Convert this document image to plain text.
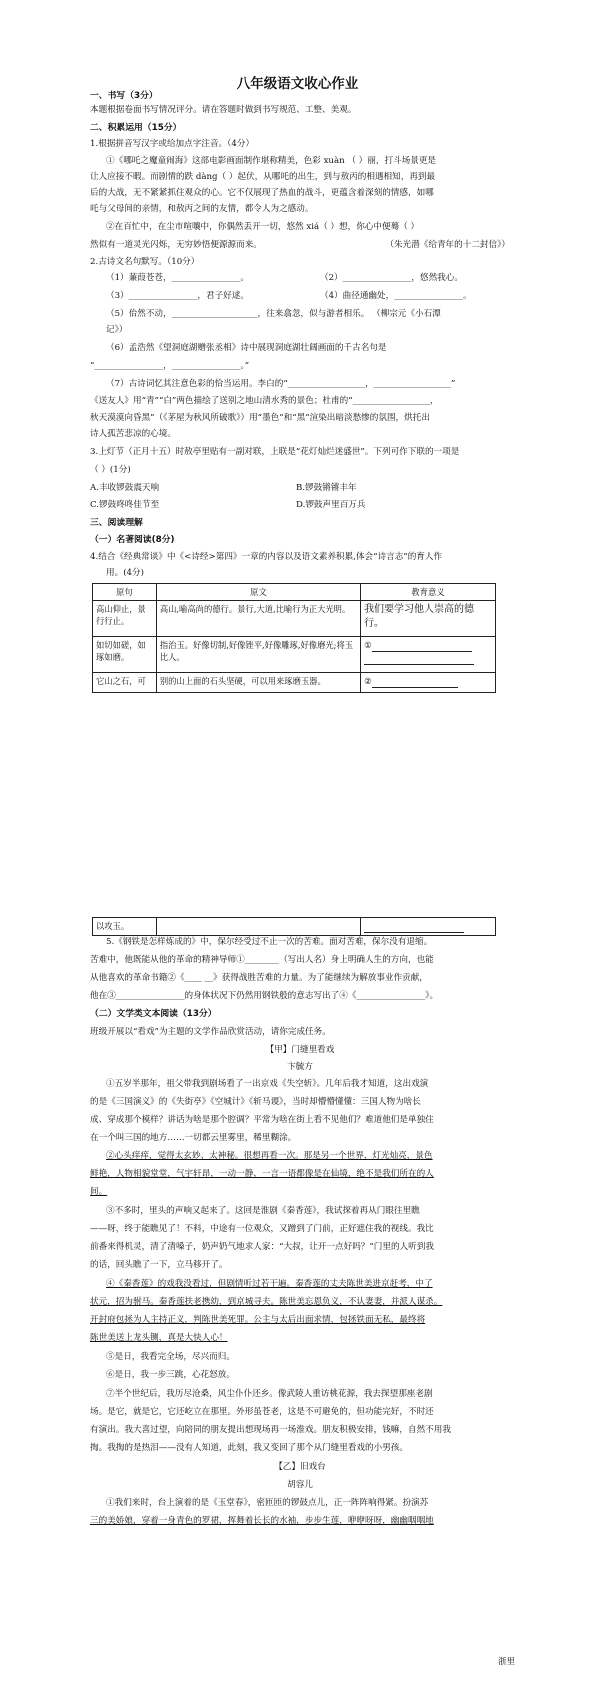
八年级语文收心作业
一、书写（3分）
本题根据卷面书写情况评分。请在答题时做到书写规范、工整、美观。
二、积累运用（15分）
1.根据拼音写汉字或给加点字注音。（4分）
①《哪吒之魔童闹海》这部电影画面制作堪称精美，色彩 xuàn （ ）丽，打斗场景更是
让人应接不暇。而剧情的跌 dàng（ ）起伏，从哪吒的出生，到与敖丙的相遇相知，再到最
后的大战，无不紧紧抓住观众的心。它不仅展现了热血的战斗，更蕴含着深刻的情感，如哪
吒与父母间的亲情，和敖丙之间的友情，都令人为之感动。
②在百忙中，在尘市喧嚷中，你偶然丢开一切，悠然 xiá（ ）想，你心中便蓦（ ）
然似有一道灵光闪烁，无穷妙悟便源源而来。	（朱光潜《给青年的十二封信》）
2.古诗文名句默写。（10分）
（1）蒹葭苍苍，________________。	（2）________________，悠然我心。
（3）________________，君子好逑。	（4）曲径通幽处，________________。
（5）佁然不动，____________________，往来翕忽，似与游者相乐。 （柳宗元《小石潭
记》）
（6）孟浩然《望洞庭湖赠张丞相》诗中展现洞庭湖壮阔画面的千古名句是
“________________，________________。”
（7）古诗词忆其注意色彩的恰当运用。李白的“__________________，__________________”
《送友人》用“青”“白”两色描绘了送别之地山清水秀的景色；杜甫的“__________________，
秋天漠漠向昏黑”（《茅屋为秋风所破歌》）用“墨色”和“黑”渲染出暗淡愁惨的氛围，烘托出
诗人孤苦悲凉的心境。
3.上灯节（正月十五）时敖亭里贴有一副对联，上联是“花灯灿烂迷盛世”。下列可作下联的一项是
（ ）(1分)
A.丰收锣鼓震天响	B.锣鼓锵锵丰年
C.锣鼓咚咚佳节至	D.锣鼓声里百万兵
三、阅读理解
（一）名著阅读(8分)
4.结合《经典常谈》中《<诗经>第四》一章的内容以及语文素养积累,体会“诗言志”的育人作
用。(4分)
原句	原文	教育意义
高山仰止，景行行止。	高山,喻高尚的德行。景行,大道,比喻行为正大光明。	我们要学习他人崇高的德行。
如切如磋，如琢如磨。	指治玉。好像切制,好像锉平,好像雕琢,好像磨光;将玉比人。	①

它山之石，可	别的山上面的石头坚硬，可以用来琢磨玉器。	②
以攻玉。		
5.《钢铁是怎样炼成的》中，保尔经受过不止一次的苦难。面对苦难，保尔没有退缩。
苦难中，他既能从他的革命的精神导师①________（写出人名）身上明确人生的方向，也能
从他喜欢的革命书籍②《____ __》获得战胜苦难的力量。为了能继续为解放事业作贡献，
他在③________________的身体状况下仍然用钢铁般的意志写出了④《________________》。
（二）文学类文本阅读（13分）
班级开展以“看戏”为主题的文学作品欣赏活动，请你完成任务。
【甲】门缝里看戏
卞毓方
①五岁半那年，祖父带我到剧场看了一出京戏《失空斩》。几年后我才知道，这出戏演
的是《三国演义》的《失街亭》《空城计》《斩马谡》，当时却懵懵懂懂：三国人物为啥长
成、穿成那个模样？讲话为啥是那个腔调？平常为啥在街上看不见他们？难道他们是单独住
在一个叫三国的地方……一切都云里雾里，稀里糊涂。
②心头痒痒，觉得太玄妙、太神秘。很想再看一次。那是另一个世界，灯光灿亮，景色
鲜艳，人物相貌堂堂，气宇轩昂，一动一静、一言一语都像是在仙境，绝不是我们所在的人
间。
③不多时，里头的声响又起来了。这回是淮剧《秦香莲》，我试探着再从门眼往里瞧
——呀，终于能瞧见了！不料，中途有一位观众，又蹭到了门前，正好遮住我的视线。我比
前番来得机灵，清了清嗓子，奶声奶气地求人家：“大叔，让开一点好吗？”门里的人听到我
的话，回头瞧了一下，立马移开了。
④《秦香莲》的戏我没看过，但剧情听过若干遍。秦香莲的丈夫陈世美进京赶考，中了
状元，招为驸马。秦香莲扶老携幼，到京城寻夫。陈世美忘恩负义，不认妻妻，并派人谋杀。
开封府包拯为人主持正义，判陈世美死罪。公主与太后出面求情，包拯铁面无私，最终将
陈世美送上龙头铡，真是大快人心！
⑤是日，我看完全场，尽兴而归。
⑥是日，我一步三跳，心花怒放。
⑦半个世纪后，我历尽沧桑，风尘仆仆还乡。像武陵人重访桃花源，我去探望那座老剧
场。是它，就是它，它还屹立在那里。外形虽苍老，这是不可避免的，但功能完好，不时还
有演出。我大喜过望，向陪同的朋友提出想现场再一场淮戏。朋友积极安排，钱嘛，自然不用我
掏。我掏的是热泪——没有人知道，此刻，我又变回了那个从门缝里看戏的小男孩。
【乙】旧戏台
胡容儿
①我们来时，台上演着的是《玉堂春》，密匝匝的锣鼓点儿，正一阵阵响得紧。扮演苏
三的美娇娘，穿着一身青色的罗裙，挥舞着长长的水袖，步步生莲，咿咿呀呀，幽幽咽咽地
浙里
